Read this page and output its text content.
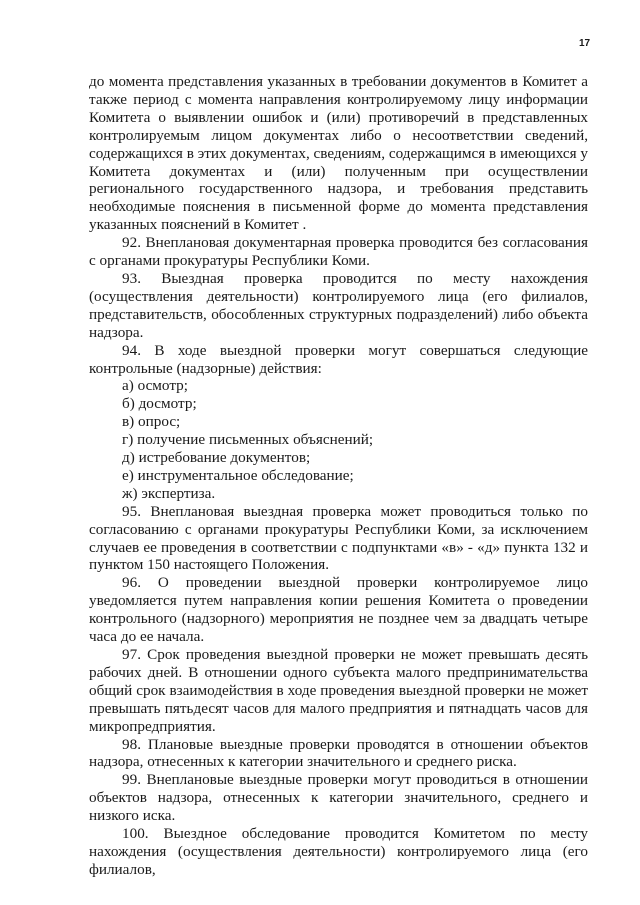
17

до момента представления указанных в требовании документов в Комитет а также период с момента направления контролируемому лицу информации Комитета о выявлении ошибок и (или) противоречий в представленных контролируемым лицом документах либо о несоответствии сведений, содержащихся в этих документах, сведениям, содержащимся в имеющихся у Комитета документах и (или) полученным при осуществлении регионального государственного надзора, и требования представить необходимые пояснения в письменной форме до момента представления указанных пояснений в Комитет .

92. Внеплановая документарная проверка проводится без согласования с органами прокуратуры Республики Коми.

93. Выездная проверка проводится по месту нахождения (осуществления деятельности) контролируемого лица (его филиалов, представительств, обособленных структурных подразделений) либо объекта надзора.

94. В ходе выездной проверки могут совершаться следующие контрольные (надзорные) действия:

а) осмотр;

б) досмотр;

в) опрос;

г) получение письменных объяснений;

д) истребование документов;

е) инструментальное обследование;

ж) экспертиза.

95. Внеплановая выездная проверка может проводиться только по согласованию с органами прокуратуры Республики Коми, за исключением случаев ее проведения в соответствии с подпунктами «в» - «д» пункта 132 и пунктом 150 настоящего Положения.

96. О проведении выездной проверки контролируемое лицо уведомляется путем направления копии решения Комитета о проведении контрольного (надзорного) мероприятия не позднее чем за двадцать четыре часа до ее начала.

97. Срок проведения выездной проверки не может превышать десять рабочих дней. В отношении одного субъекта малого предпринимательства общий срок взаимодействия в ходе проведения выездной проверки не может превышать пятьдесят часов для малого предприятия и пятнадцать часов для микропредприятия.

98. Плановые выездные проверки проводятся в отношении объектов надзора, отнесенных к категории значительного и среднего риска.

99. Внеплановые выездные проверки могут проводиться в отношении объектов надзора, отнесенных к категории значительного, среднего и низкого иска.

100. Выездное обследование проводится Комитетом по месту нахождения (осуществления деятельности) контролируемого лица (его филиалов,
